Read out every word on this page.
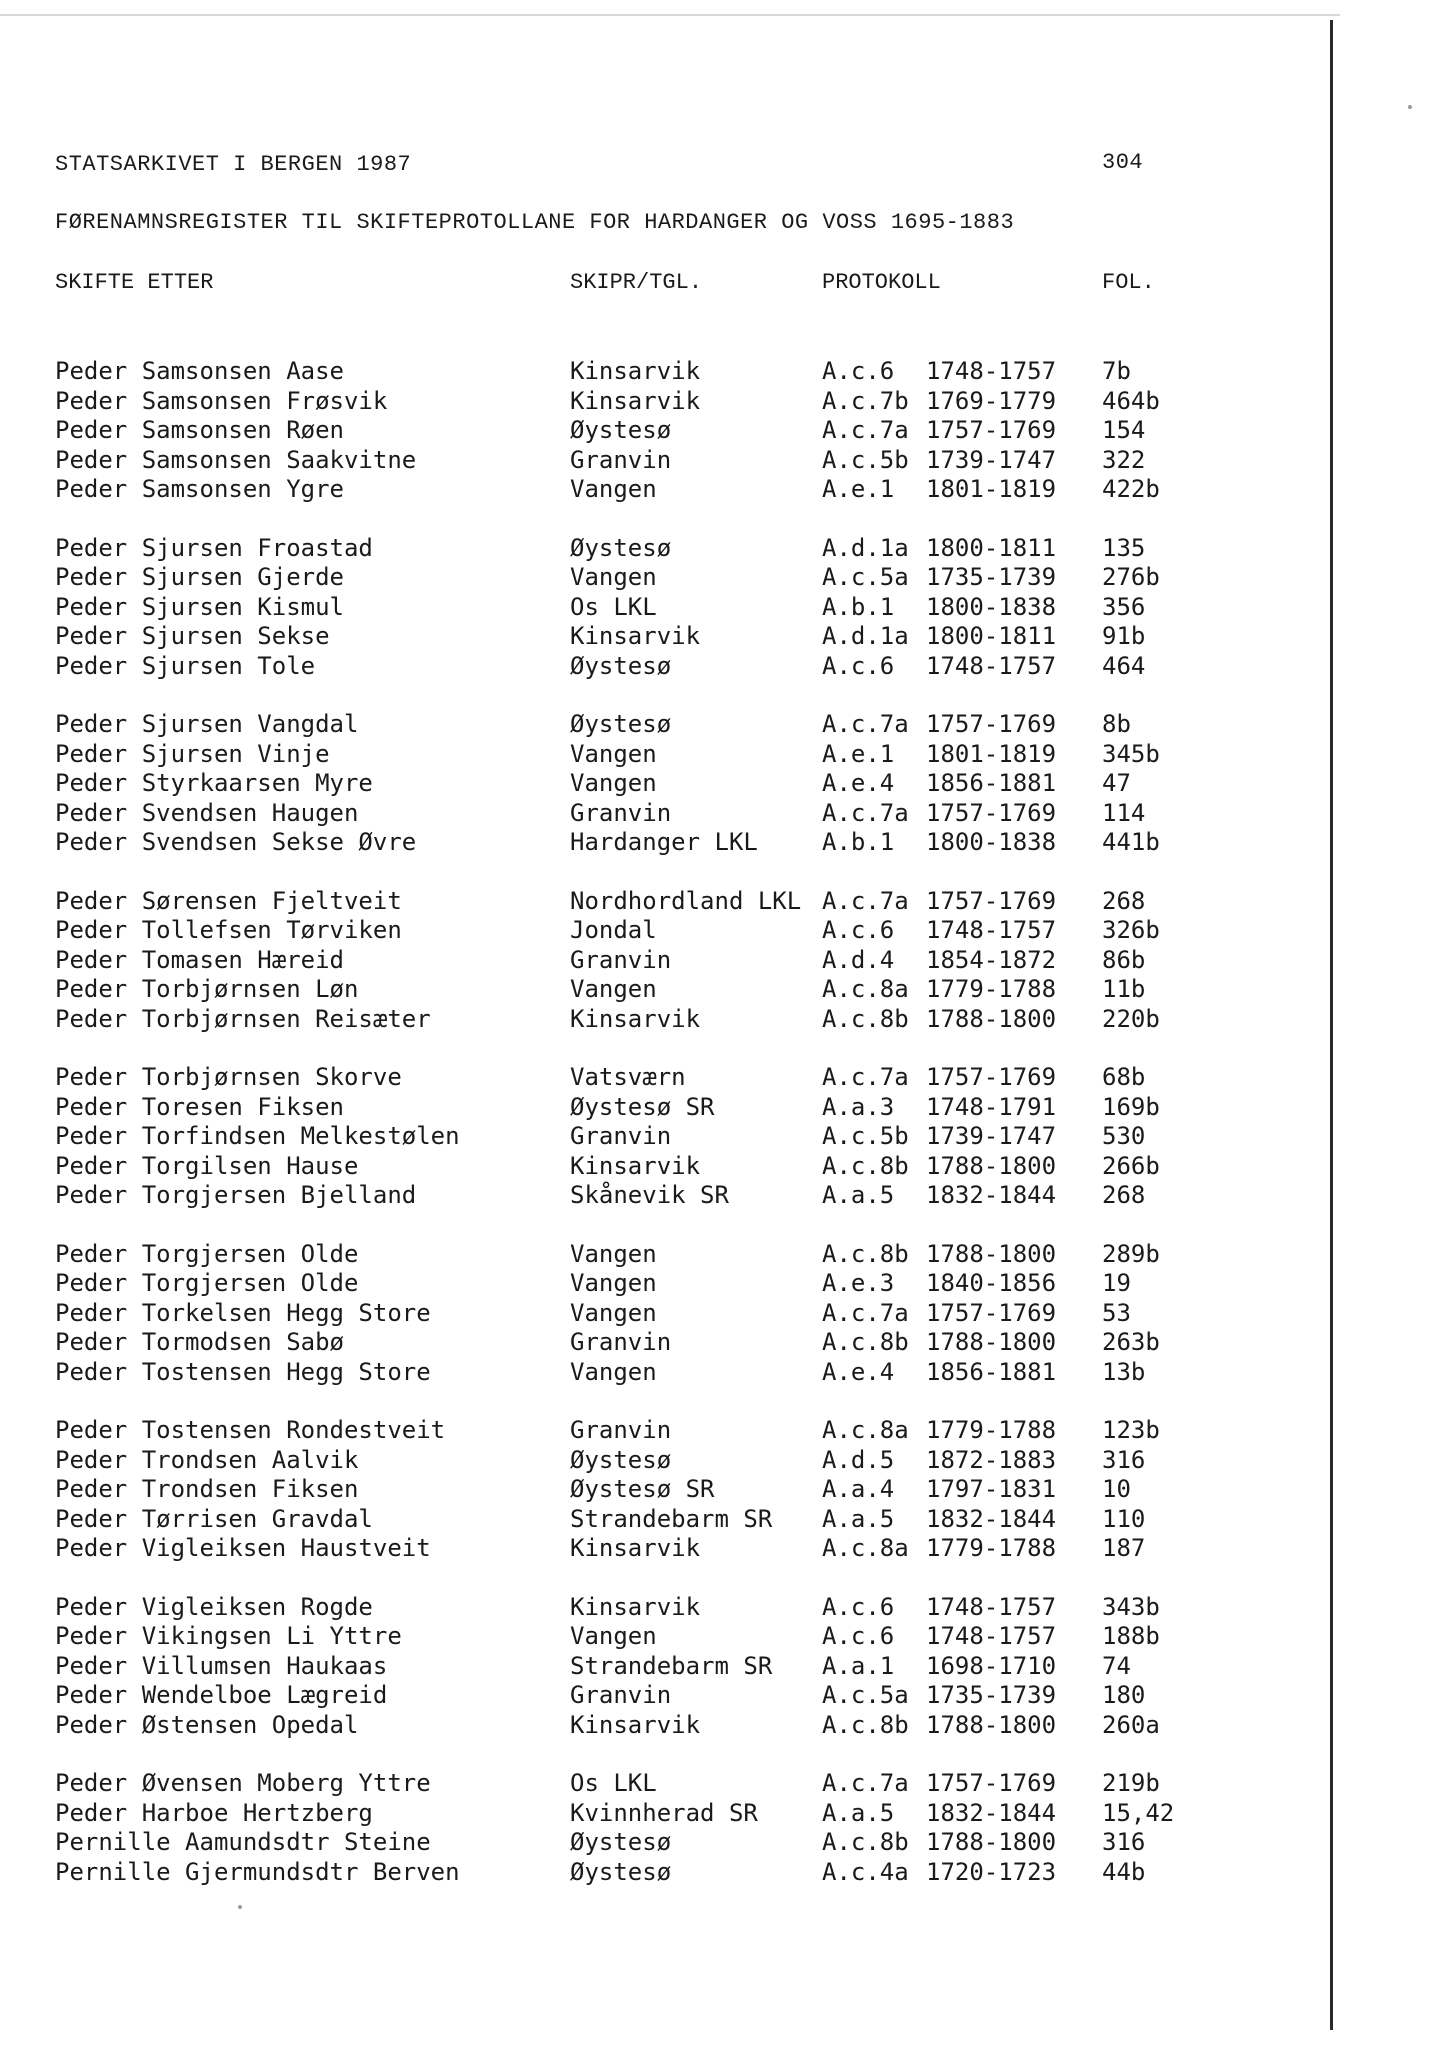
STATSARKIVET I BERGEN 1987	304
FØRENAMNSREGISTER TIL SKIFTEPROTOLLANE FOR HARDANGER OG VOSS 1695-1883
SKIFTE ETTER	SKIPR/TGL.	PROTOKOLL	FOL.
Peder Samsonsen Aase	Kinsarvik	A.c.6 1748-1757 7b
Peder Samsonsen Frøsvik	Kinsarvik	A.c.7b 1769-1779 464b
Peder Samsonsen Røen	Øystesø	A.c.7a 1757-1769 154
Peder Samsonsen Saakvitne	Granvin	A.c.5b 1739-1747 322
Peder Samsonsen Ygre	Vangen	A.e.1 1801-1819 422b
Peder Sjursen Froastad	Øystesø	A.d.1a 1800-1811 135
Peder Sjursen Gjerde	Vangen	A.c.5a 1735-1739 276b
Peder Sjursen Kismul	Os LKL	A.b.1 1800-1838 356
Peder Sjursen Sekse	Kinsarvik	A.d.1a 1800-1811 91b
Peder Sjursen Tole	Øystesø	A.c.6 1748-1757 464
Peder Sjursen Vangdal	Øystesø	A.c.7a 1757-1769 8b
Peder Sjursen Vinje	Vangen	A.e.1 1801-1819 345b
Peder Styrkaarsen Myre	Vangen	A.e.4 1856-1881 47
Peder Svendsen Haugen	Granvin	A.c.7a 1757-1769 114
Peder Svendsen Sekse Øvre	Hardanger LKL	A.b.1 1800-1838 441b
Peder Sørensen Fjeltveit	Nordhordland LKL A.c.7a 1757-1769 268
Peder Tollefsen Tørviken	Jondal	A.c.6 1748-1757 326b
Peder Tomasen Hæreid	Granvin	A.d.4 1854-1872 86b
Peder Torbjørnsen Løn	Vangen	A.c.8a 1779-1788 11b
Peder Torbjørnsen Reisæter	Kinsarvik	A.c.8b 1788-1800 220b
Peder Torbjørnsen Skorve	Vatsværn	A.c.7a 1757-1769 68b
Peder Toresen Fiksen	Øystesø SR	A.a.3 1748-1791 169b
Peder Torfindsen Melkestølen	Granvin	A.c.5b 1739-1747 530
Peder Torgilsen Hause	Kinsarvik	A.c.8b 1788-1800 266b
Peder Torgjersen Bjelland	Skånevik SR	A.a.5 1832-1844 268
Peder Torgjersen Olde	Vangen	A.c.8b 1788-1800 289b
Peder Torgjersen Olde	Vangen	A.e.3 1840-1856 19
Peder Torkelsen Hegg Store	Vangen	A.c.7a 1757-1769 53
Peder Tormodsen Sabø	Granvin	A.c.8b 1788-1800 263b
Peder Tostensen Hegg Store	Vangen	A.e.4 1856-1881 13b
Peder Tostensen Rondestveit	Granvin	A.c.8a 1779-1788 123b
Peder Trondsen Aalvik	Øystesø	A.d.5 1872-1883 316
Peder Trondsen Fiksen	Øystesø SR	A.a.4 1797-1831 10
Peder Tørrisen Gravdal	Strandebarm SR A.a.5 1832-1844 110
Peder Vigleiksen Haustveit	Kinsarvik	A.c.8a 1779-1788 187
Peder Vigleiksen Rogde	Kinsarvik	A.c.6 1748-1757 343b
Peder Vikingsen Li Yttre	Vangen	A.c.6 1748-1757 188b
Peder Villumsen Haukaas	Strandebarm SR A.a.1 1698-1710 74
Peder Wendelboe Lægreid	Granvin	A.c.5a 1735-1739 180
Peder Østensen Opedal	Kinsarvik	A.c.8b 1788-1800 260a
Peder Øvensen Moberg Yttre	Os LKL	A.c.7a 1757-1769 219b
Peder Harboe Hertzberg	Kvinnherad SR	A.a.5 1832-1844 15,42
Pernille Aamundsdtr Steine	Øystesø	A.c.8b 1788-1800 316
Pernille Gjermundsdtr Berven	Øystesø	A.c.4a 1720-1723 44b
